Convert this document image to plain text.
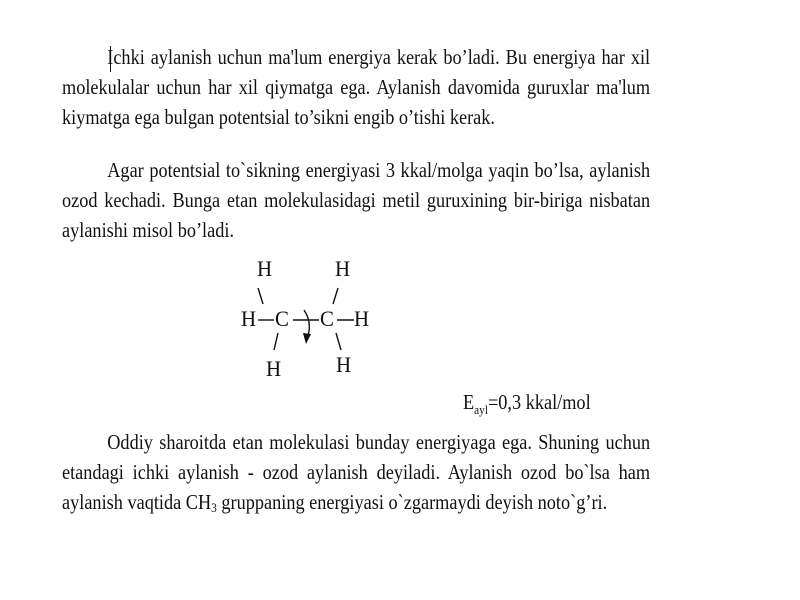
Ichki aylanish uchun ma'lum energiya kerak bo’ladi. Bu energiya har xil molekulalar uchun har xil qiymatga ega. Aylanish davomida guruxlar ma'lum kiymatga ega bulgan potentsial to’sikni engib o’tishi kerak.

Agar potentsial to`sikning energiyasi 3 kkal/molga yaqin bo’lsa, aylanish ozod kechadi. Bunga etan molekulasidagi metil guruxining bir-biriga nisbatan aylanishi misol bo’ladi.

H	H
H C C H
H H
$E_{ayl}=0,3$ kkal/mol

Oddiy sharoitda etan molekulasi bunday energiyaga ega. Shuning uchun etandagi ichki aylanish - ozod aylanish deyiladi. Aylanish ozod bo`lsa ham aylanish vaqtida $CH_3$ gruppaning energiyasi o`zgarmaydi deyish noto`g’ri.
